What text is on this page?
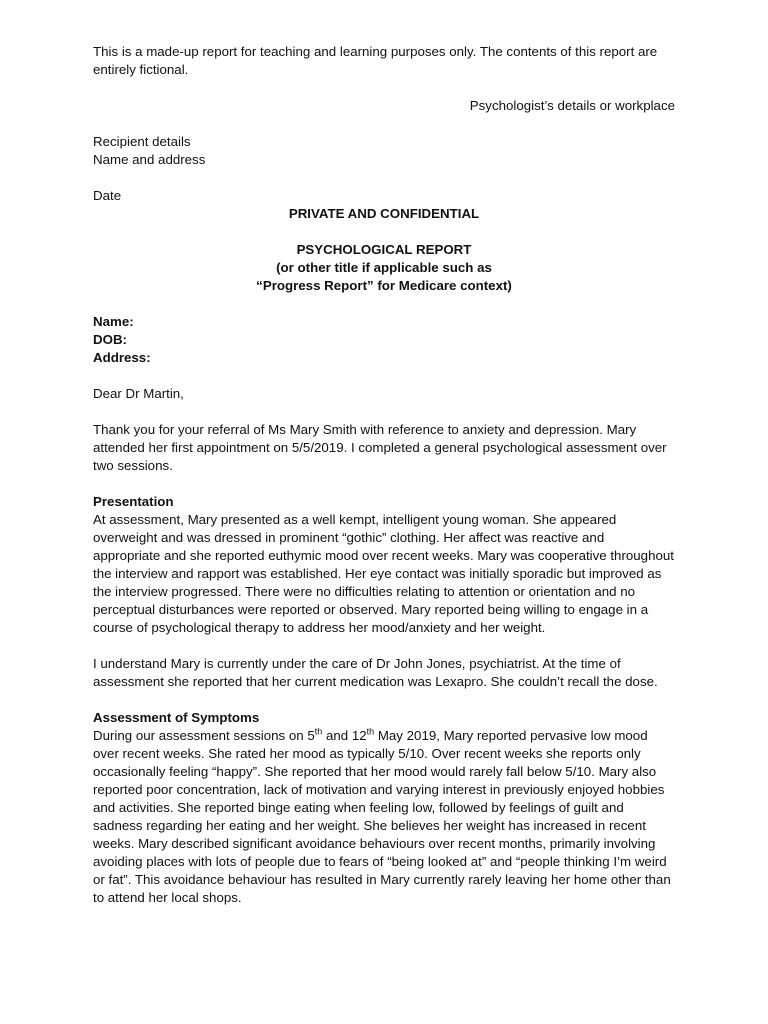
This is a made-up report for teaching and learning purposes only. The contents of this report are entirely fictional.

Psychologist’s details or workplace

Recipient details

Name and address

Date

PRIVATE AND CONFIDENTIAL

PSYCHOLOGICAL REPORT

(or other title if applicable such as

“Progress Report” for Medicare context)

Name:

DOB:

Address:

Dear Dr Martin,

Thank you for your referral of Ms Mary Smith with reference to anxiety and depression. Mary attended her first appointment on 5/5/2019. I completed a general psychological assessment over two sessions.

Presentation

At assessment, Mary presented as a well kempt, intelligent young woman. She appeared overweight and was dressed in prominent “gothic” clothing. Her affect was reactive and appropriate and she reported euthymic mood over recent weeks. Mary was cooperative throughout the interview and rapport was established. Her eye contact was initially sporadic but improved as the interview progressed. There were no difficulties relating to attention or orientation and no perceptual disturbances were reported or observed. Mary reported being willing to engage in a course of psychological therapy to address her mood/anxiety and her weight.

I understand Mary is currently under the care of Dr John Jones, psychiatrist. At the time of assessment she reported that her current medication was Lexapro. She couldn’t recall the dose.

Assessment of Symptoms

During our assessment sessions on 5th and 12th May 2019, Mary reported pervasive low mood over recent weeks. She rated her mood as typically 5/10. Over recent weeks she reports only occasionally feeling “happy”. She reported that her mood would rarely fall below 5/10. Mary also reported poor concentration, lack of motivation and varying interest in previously enjoyed hobbies and activities. She reported binge eating when feeling low, followed by feelings of guilt and sadness regarding her eating and her weight. She believes her weight has increased in recent weeks. Mary described significant avoidance behaviours over recent months, primarily involving avoiding places with lots of people due to fears of “being looked at” and “people thinking I’m weird or fat”. This avoidance behaviour has resulted in Mary currently rarely leaving her home other than to attend her local shops.
